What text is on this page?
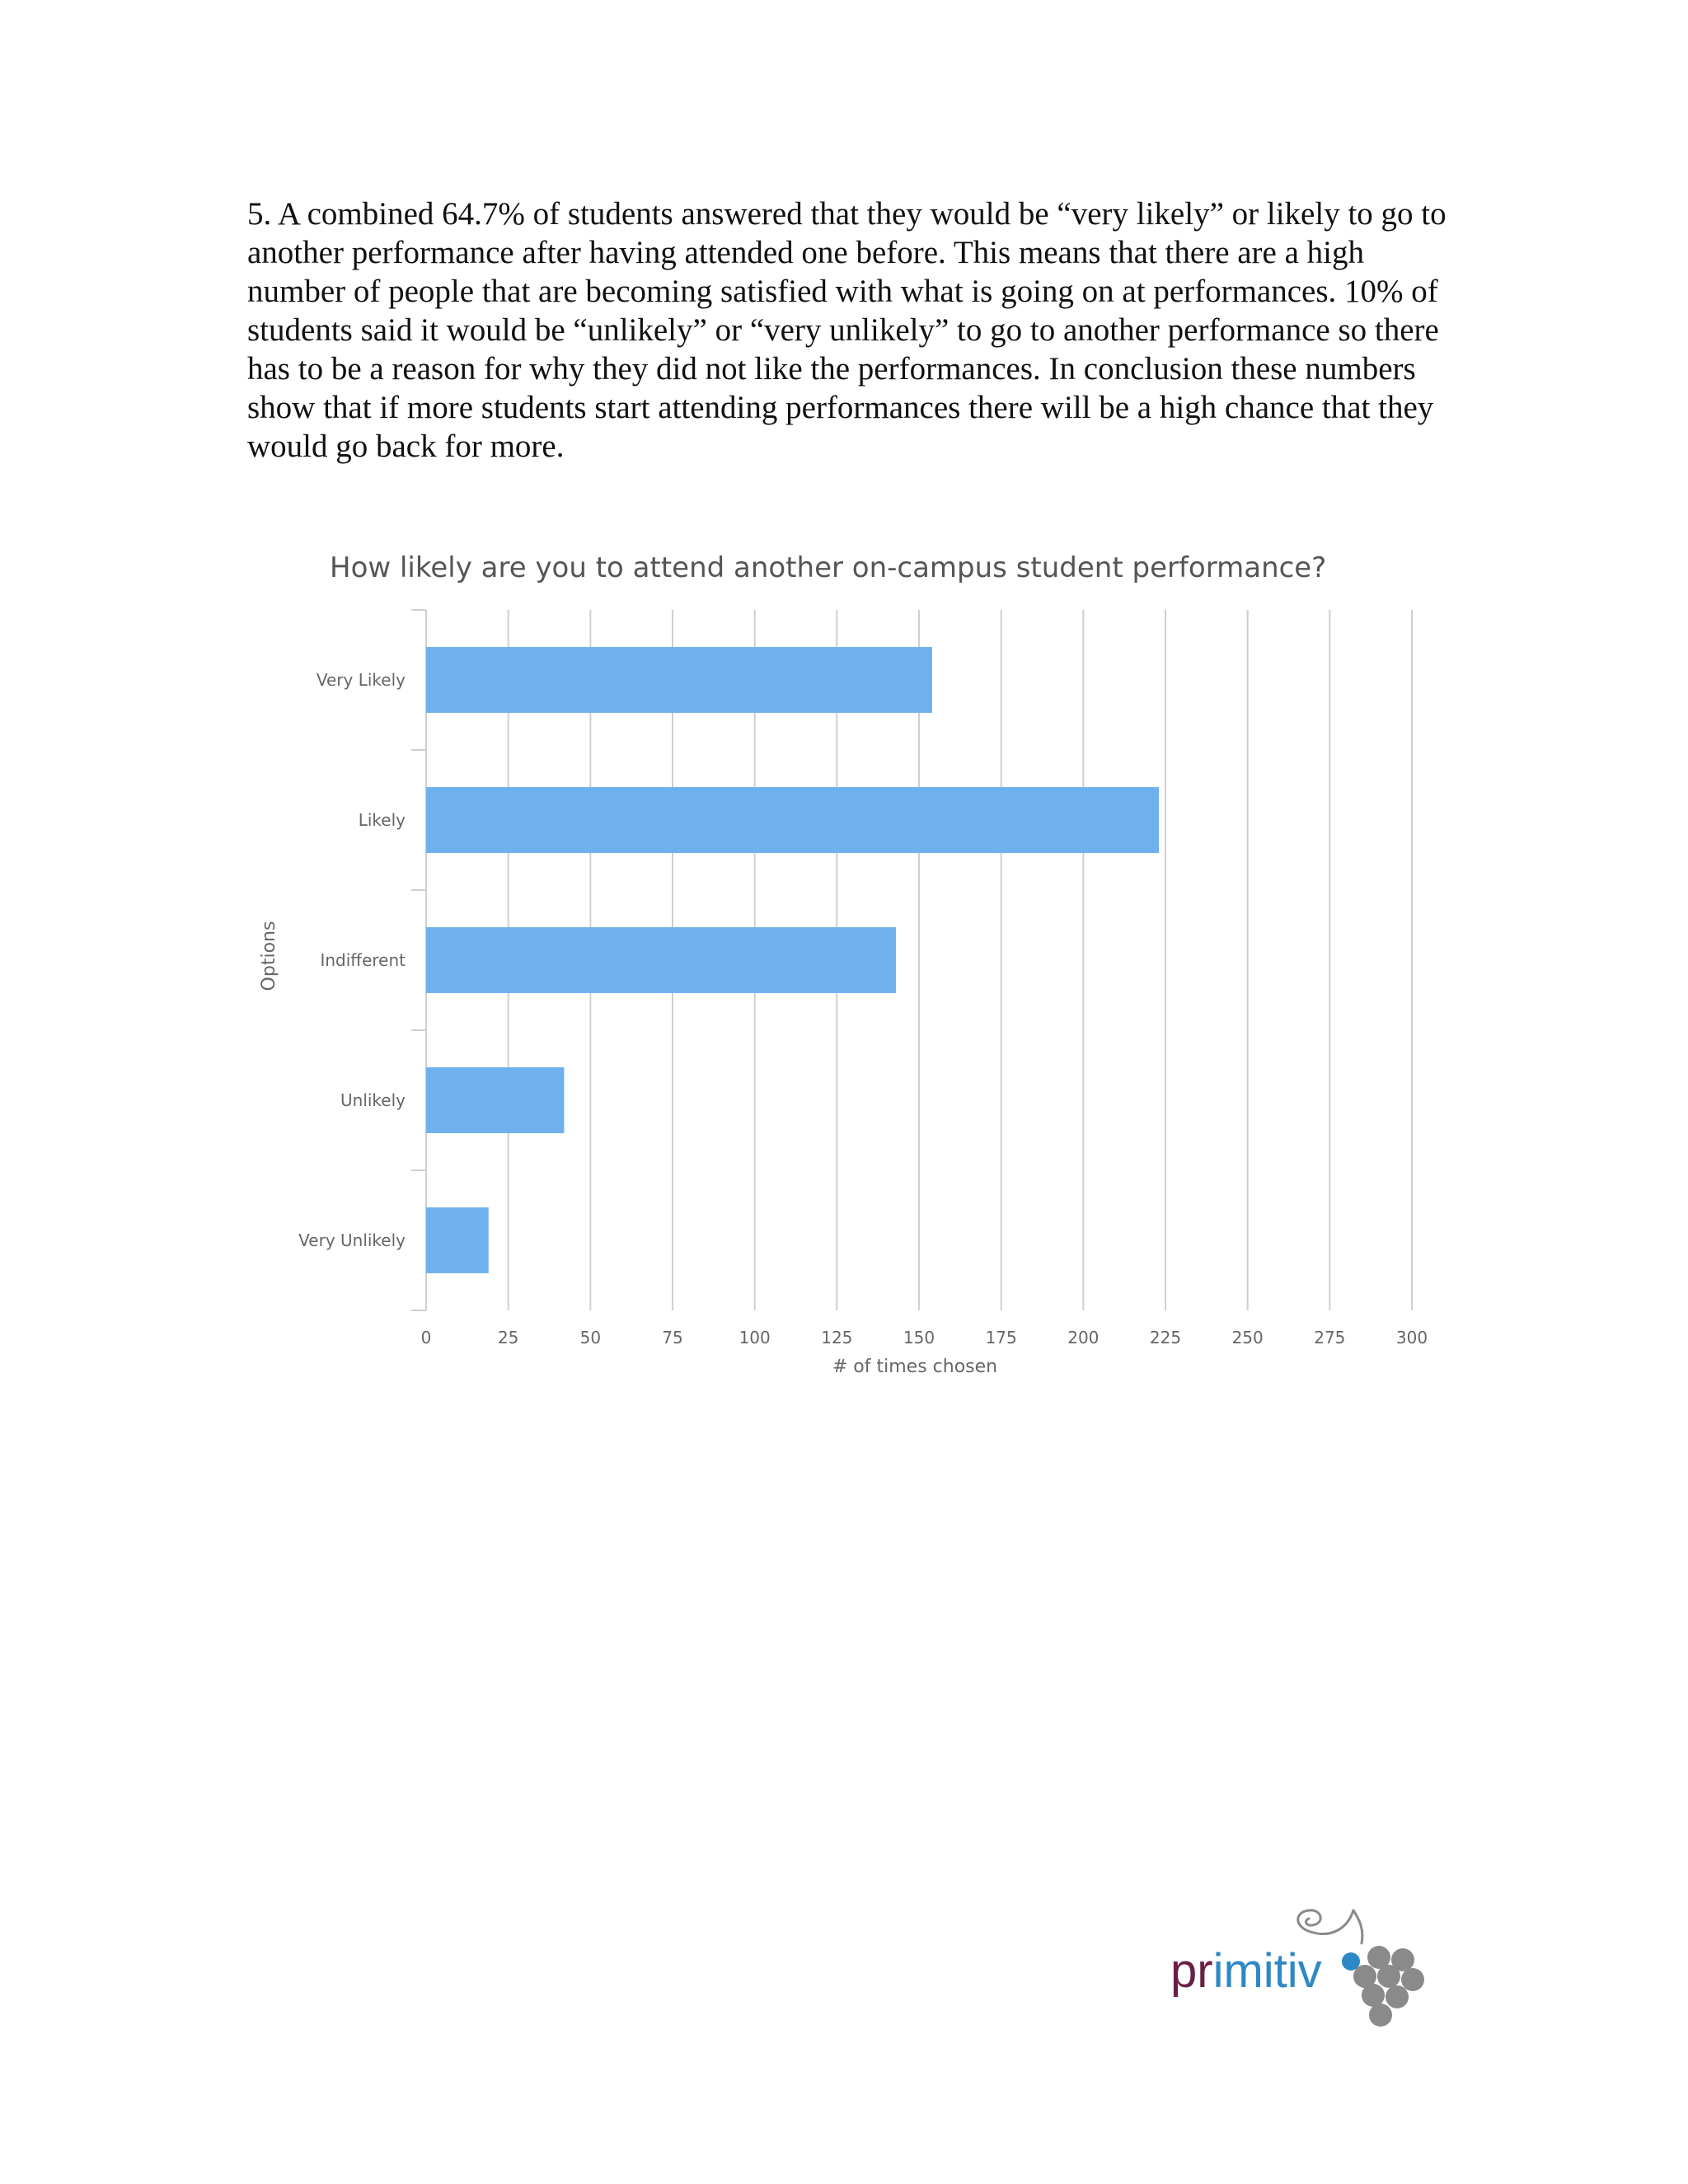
5. A combined 64.7% of students answered that they would be “very likely” or likely to go to another performance after having attended one before. This means that there are a high number of people that are becoming satisfied with what is going on at performances. 10% of students said it would be “unlikely” or “very unlikely” to go to another performance so there has to be a reason for why they did not like the performances. In conclusion these numbers show that if more students start attending performances there will be a high chance that they would go back for more.

How likely are you to attend another on-campus student performance?
Very Likely
Likely
Indifferent
Unlikely
Very Unlikely
0	25	50	75	100	125	150	175	200	225	250	275	300
# of times chosen
Options
primitiv
